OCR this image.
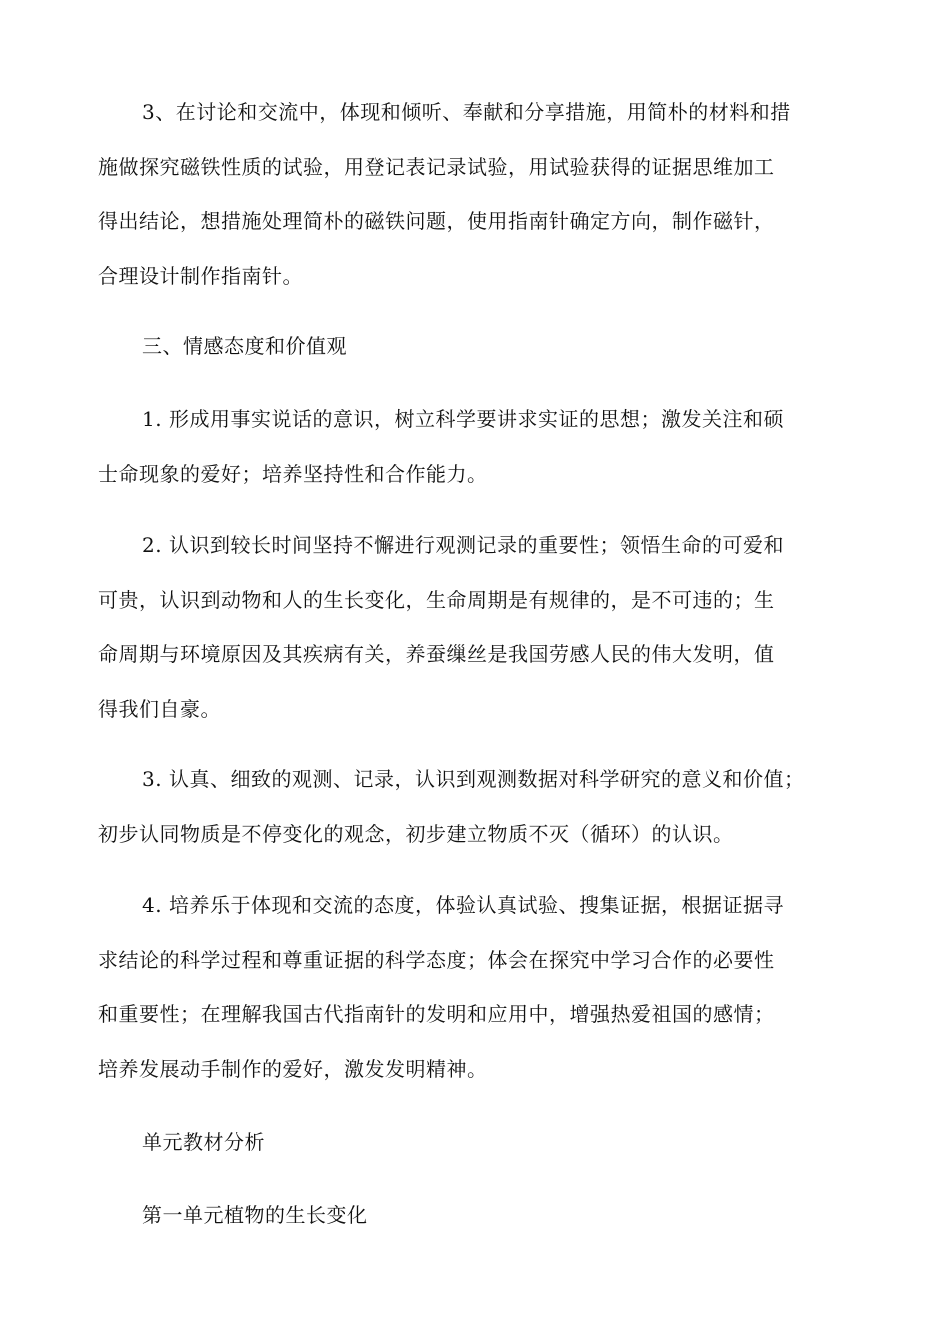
3、在讨论和交流中，体现和倾听、奉献和分享措施，用简朴的材料和措
施做探究磁铁性质的试验，用登记表记录试验，用试验获得的证据思维加工
得出结论，想措施处理简朴的磁铁问题，使用指南针确定方向，制作磁针，
合理设计制作指南针。

三、情感态度和价值观

1. 形成用事实说话的意识，树立科学要讲求实证的思想；激发关注和硕
士命现象的爱好；培养坚持性和合作能力。

2. 认识到较长时间坚持不懈进行观测记录的重要性；领悟生命的可爱和
可贵，认识到动物和人的生长变化，生命周期是有规律的，是不可违的；生
命周期与环境原因及其疾病有关，养蚕缫丝是我国劳感人民的伟大发明，值
得我们自豪。

3. 认真、细致的观测、记录，认识到观测数据对科学研究的意义和价值；
初步认同物质是不停变化的观念，初步建立物质不灭（循环）的认识。

4. 培养乐于体现和交流的态度，体验认真试验、搜集证据，根据证据寻
求结论的科学过程和尊重证据的科学态度；体会在探究中学习合作的必要性
和重要性；在理解我国古代指南针的发明和应用中，增强热爱祖国的感情；
培养发展动手制作的爱好，激发发明精神。

单元教材分析

第一单元植物的生长变化
